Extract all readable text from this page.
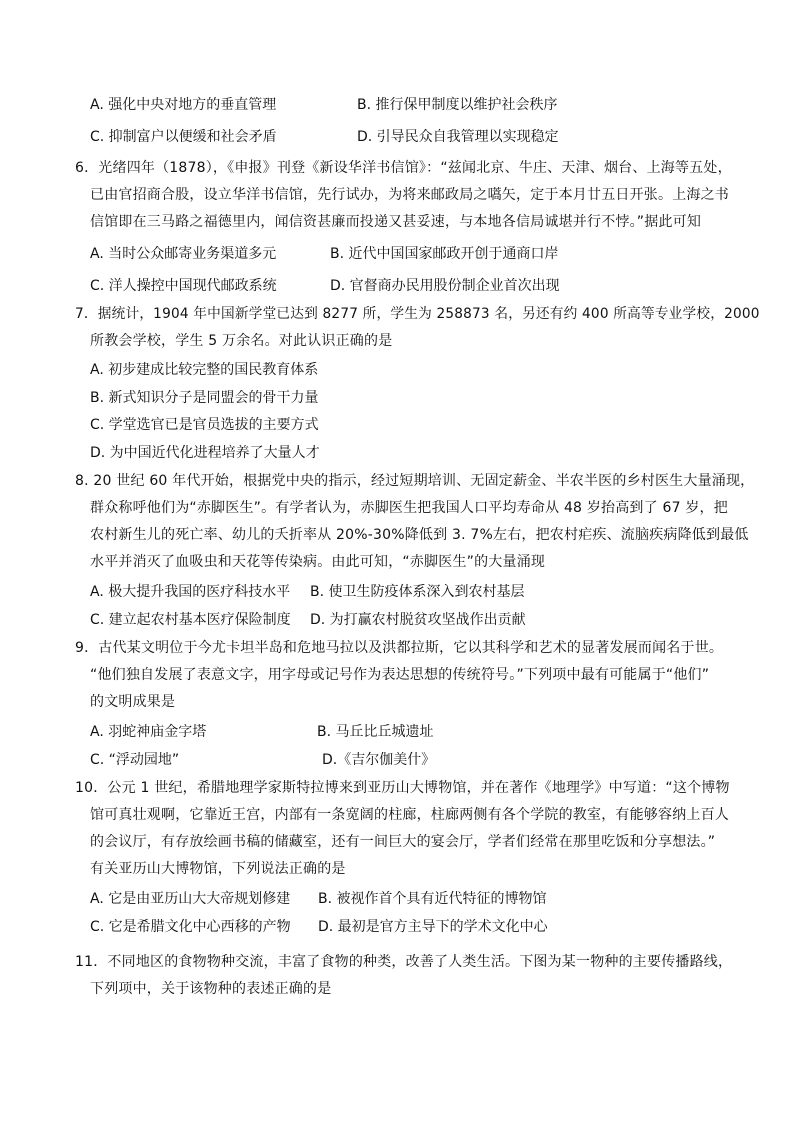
A. 强化中央对地方的垂直管理	B. 推行保甲制度以维护社会秩序
C. 抑制富户以便缓和社会矛盾	D. 引导民众自我管理以实现稳定
6．光绪四年（1878），《申报》刊登《新设华洋书信馆》：“兹闻北京、牛庄、天津、烟台、上海等五处，
已由官招商合股，设立华洋书信馆，先行试办，为将来邮政局之嚆矢，定于本月廿五日开张。上海之书
信馆即在三马路之福德里内，闻信资甚廉而投递又甚妥速，与本地各信局诚堪并行不悖。”据此可知
A. 当时公众邮寄业务渠道多元	B. 近代中国国家邮政开创于通商口岸
C. 洋人操控中国现代邮政系统	D. 官督商办民用股份制企业首次出现
7．据统计，1904 年中国新学堂已达到 8277 所，学生为 258873 名，另还有约 400 所高等专业学校，2000
所教会学校，学生 5 万余名。对此认识正确的是
A. 初步建成比较完整的国民教育体系
B. 新式知识分子是同盟会的骨干力量
C. 学堂选官已是官员选拔的主要方式
D. 为中国近代化进程培养了大量人才
8. 20 世纪 60 年代开始，根据党中央的指示，经过短期培训、无固定薪金、半农半医的乡村医生大量涌现，
群众称呼他们为“赤脚医生”。有学者认为，赤脚医生把我国人口平均寿命从 48 岁抬高到了 67 岁，把
农村新生儿的死亡率、幼儿的夭折率从 20%-30%降低到 3. 7%左右，把农村疟疾、流脑疾病降低到最低
水平并消灭了血吸虫和天花等传染病。由此可知，“赤脚医生”的大量涌现
A. 极大提升我国的医疗科技水平 B. 使卫生防疫体系深入到农村基层
C. 建立起农村基本医疗保险制度 D. 为打赢农村脱贫攻坚战作出贡献
9．古代某文明位于今尤卡坦半岛和危地马拉以及洪都拉斯，它以其科学和艺术的显著发展而闻名于世。
“他们独自发展了表意文字，用字母或记号作为表达思想的传统符号。”下列项中最有可能属于“他们”
的文明成果是
A. 羽蛇神庙金字塔	B. 马丘比丘城遗址
C. “浮动园地”	D.《吉尔伽美什》
10．公元 1 世纪，希腊地理学家斯特拉博来到亚历山大博物馆，并在著作《地理学》中写道：“这个博物
馆可真壮观啊，它靠近王宫，内部有一条宽阔的柱廊，柱廊两侧有各个学院的教室，有能够容纳上百人
的会议厅，有存放绘画书稿的储藏室，还有一间巨大的宴会厅，学者们经常在那里吃饭和分享想法。”
有关亚历山大博物馆，下列说法正确的是
A. 它是由亚历山大大帝规划修建 B. 被视作首个具有近代特征的博物馆
C. 它是希腊文化中心西移的产物 D. 最初是官方主导下的学术文化中心
11．不同地区的食物物种交流，丰富了食物的种类，改善了人类生活。下图为某一物种的主要传播路线，
下列项中，关于该物种的表述正确的是
